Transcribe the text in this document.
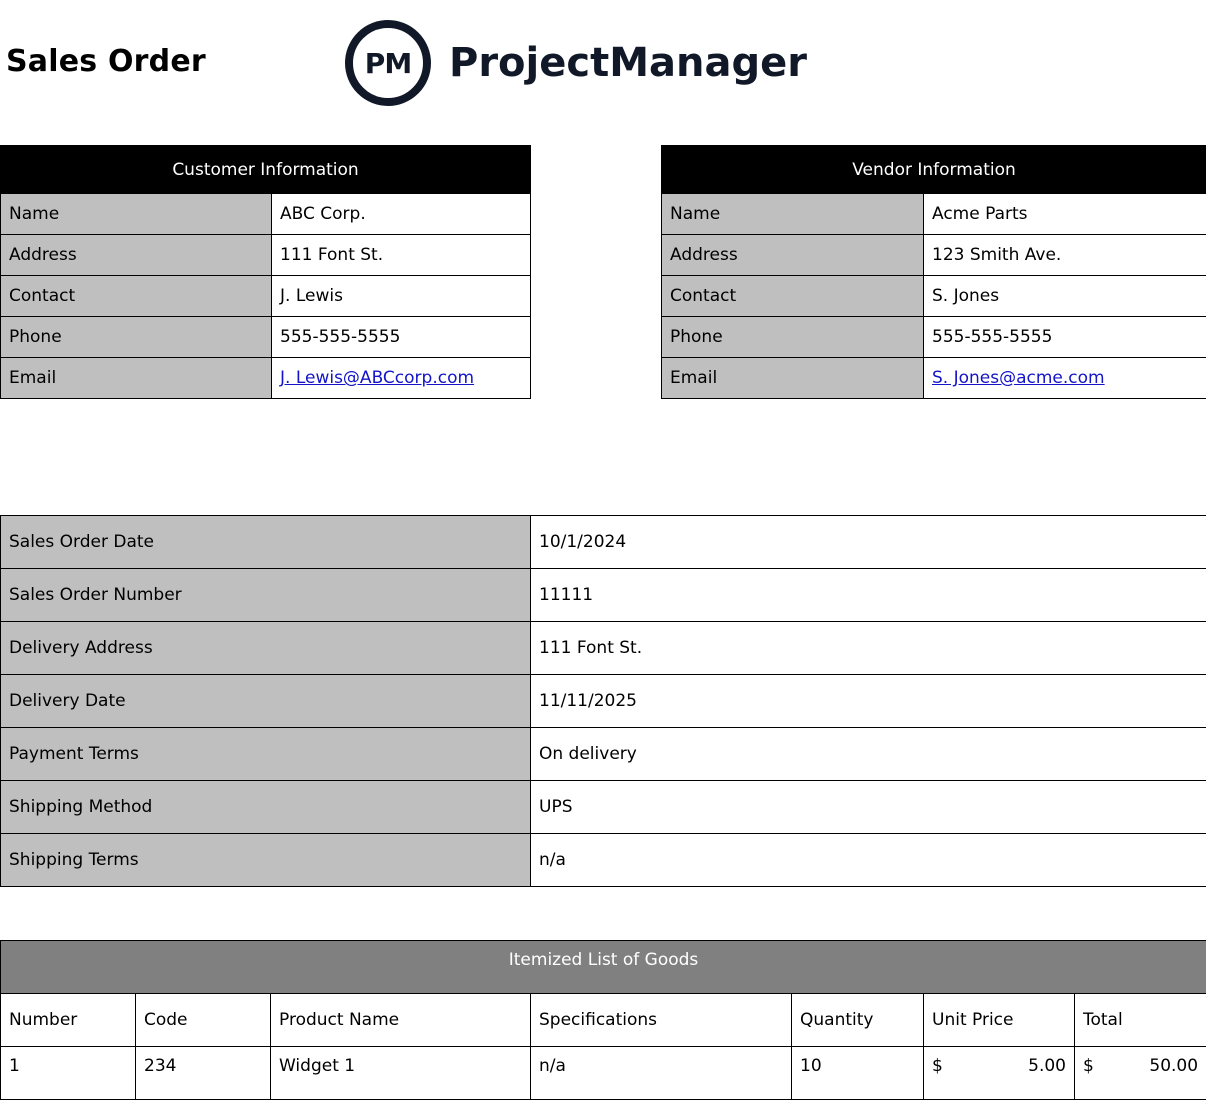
Sales Order	PM ProjectManager
Customer Information	
Name	ABC Corp.
Address	111 Font St.
Contact	J. Lewis
Phone	555-555-5555
Email	J. Lewis@ABCcorp.com
Vendor Information	
Name	Acme Parts
Address	123 Smith Ave.
Contact	S. Jones
Phone	555-555-5555
Email	S. Jones@acme.com
Sales Order Date	10/1/2024
Sales Order Number	11111
Delivery Address	111 Font St.
Delivery Date	11/11/2025
Payment Terms	On delivery
Shipping Method	UPS
Shipping Terms	n/a
Itemized List of Goods						
Number	Code	Product Name	Specifications	Quantity	Unit Price	Total
1	234	Widget 1	n/a	10	$ 5.00	$ 50.00
